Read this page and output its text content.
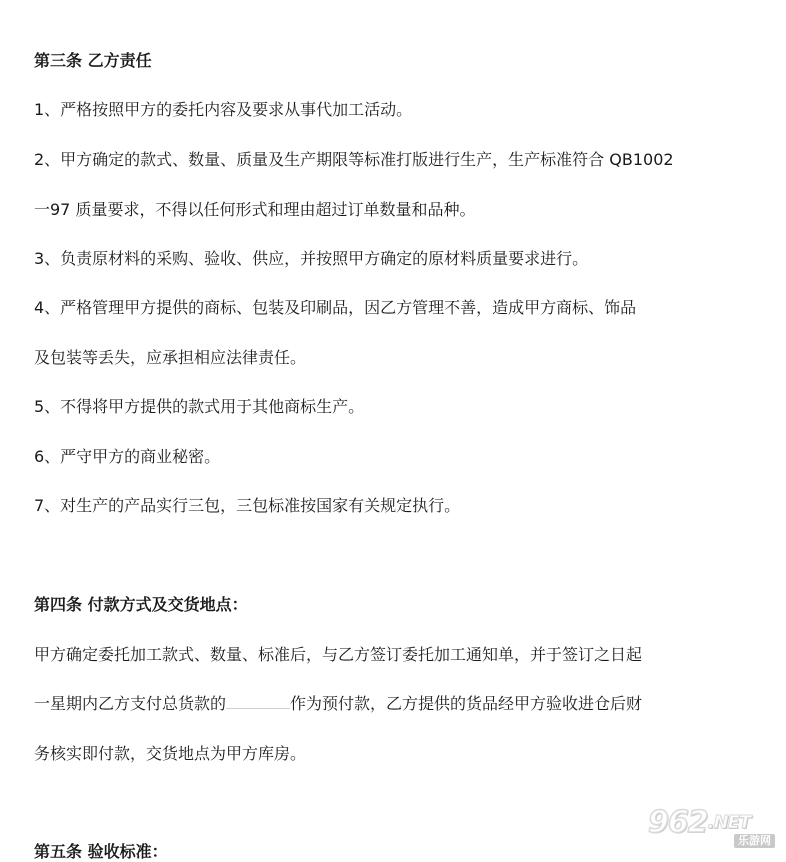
第三条 乙方责任
1、严格按照甲方的委托内容及要求从事代加工活动。
2、甲方确定的款式、数量、质量及生产期限等标准打版进行生产，生产标准符合 QB1002
一97 质量要求，不得以任何形式和理由超过订单数量和品种。
3、负责原材料的采购、验收、供应，并按照甲方确定的原材料质量要求进行。
4、严格管理甲方提供的商标、包装及印刷品，因乙方管理不善，造成甲方商标、饰品
及包装等丢失，应承担相应法律责任。
5、不得将甲方提供的款式用于其他商标生产。
6、严守甲方的商业秘密。
7、对生产的产品实行三包，三包标准按国家有关规定执行。
第四条 付款方式及交货地点：
甲方确定委托加工款式、数量、标准后，与乙方签订委托加工通知单，并于签订之日起
一星期内乙方支付总货款的	作为预付款，乙方提供的货品经甲方验收进仓后财
务核实即付款，交货地点为甲方库房。
第五条 验收标准：
$962^{.NET}$
乐游网
